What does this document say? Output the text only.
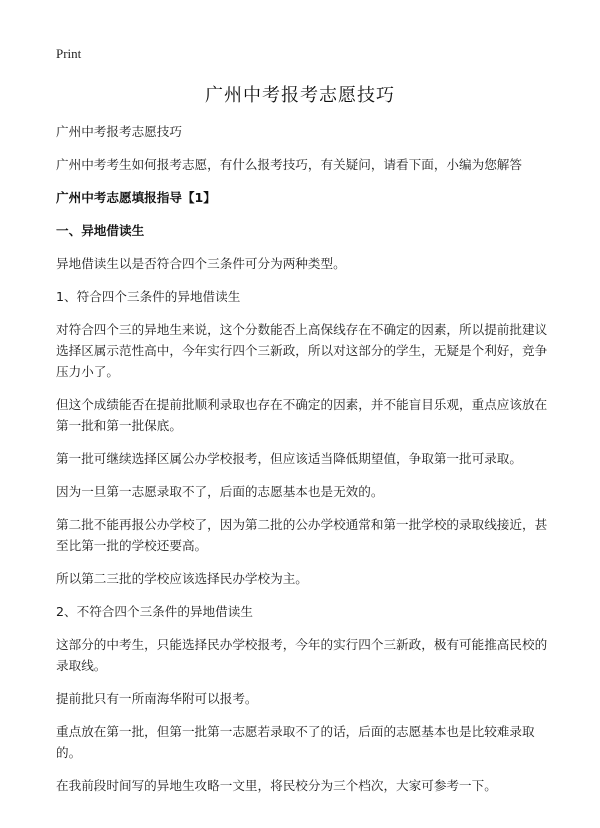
Print
广州中考报考志愿技巧

广州中考报考志愿技巧

广州中考考生如何报考志愿，有什么报考技巧，有关疑问，请看下面，小编为您解答

广州中考志愿填报指导【1】

一、异地借读生

异地借读生以是否符合四个三条件可分为两种类型。

1、符合四个三条件的异地借读生

对符合四个三的异地生来说，这个分数能否上高保线存在不确定的因素，所以提前批建议选择区属示范性高中，今年实行四个三新政，所以对这部分的学生，无疑是个利好，竞争压力小了。

但这个成绩能否在提前批顺利录取也存在不确定的因素，并不能盲目乐观，重点应该放在第一批和第一批保底。

第一批可继续选择区属公办学校报考，但应该适当降低期望值，争取第一批可录取。

因为一旦第一志愿录取不了，后面的志愿基本也是无效的。

第二批不能再报公办学校了，因为第二批的公办学校通常和第一批学校的录取线接近，甚至比第一批的学校还要高。

所以第二三批的学校应该选择民办学校为主。

2、不符合四个三条件的异地借读生

这部分的中考生，只能选择民办学校报考，今年的实行四个三新政，极有可能推高民校的录取线。

提前批只有一所南海华附可以报考。

重点放在第一批，但第一批第一志愿若录取不了的话，后面的志愿基本也是比较难录取的。

在我前段时间写的异地生攻略一文里，将民校分为三个档次，大家可参考一下。
